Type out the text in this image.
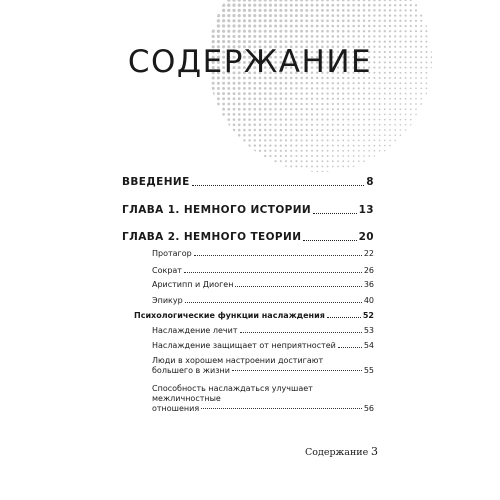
СОДЕРЖАНИЕ
ВВЕДЕНИЕ	8
ГЛАВА 1. НЕМНОГО ИСТОРИИ	13
ГЛАВА 2. НЕМНОГО ТЕОРИИ	20
Протагор	22
Сократ	26
Аристипп и Диоген	36
Эпикур	40
Психологические функции наслаждения	52
Наслаждение лечит	53
Наслаждение защищает от неприятностей	54
Люди в хорошем настроении достигают
большего в жизни	55
Способность наслаждаться улучшает межличностные
отношения	56
Содержание 3
